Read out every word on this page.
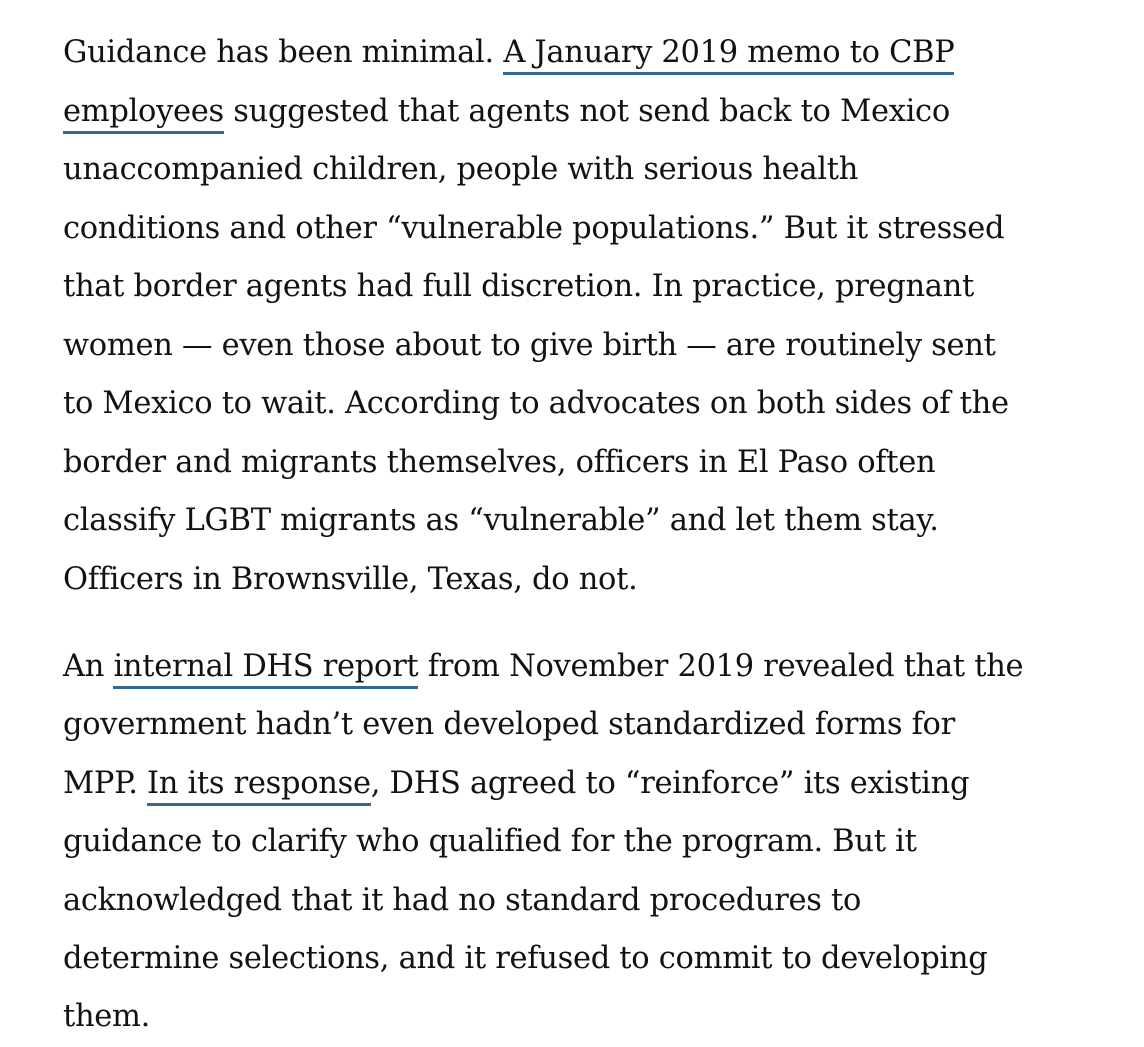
Guidance has been minimal. A January 2019 memo to CBP
employees suggested that agents not send back to Mexico
unaccompanied children, people with serious health
conditions and other “vulnerable populations.” But it stressed
that border agents had full discretion. In practice, pregnant
women — even those about to give birth — are routinely sent
to Mexico to wait. According to advocates on both sides of the
border and migrants themselves, officers in El Paso often
classify LGBT migrants as “vulnerable” and let them stay.
Officers in Brownsville, Texas, do not.
An internal DHS report from November 2019 revealed that the
government hadn’t even developed standardized forms for
MPP. In its response, DHS agreed to “reinforce” its existing
guidance to clarify who qualified for the program. But it
acknowledged that it had no standard procedures to
determine selections, and it refused to commit to developing
them.
